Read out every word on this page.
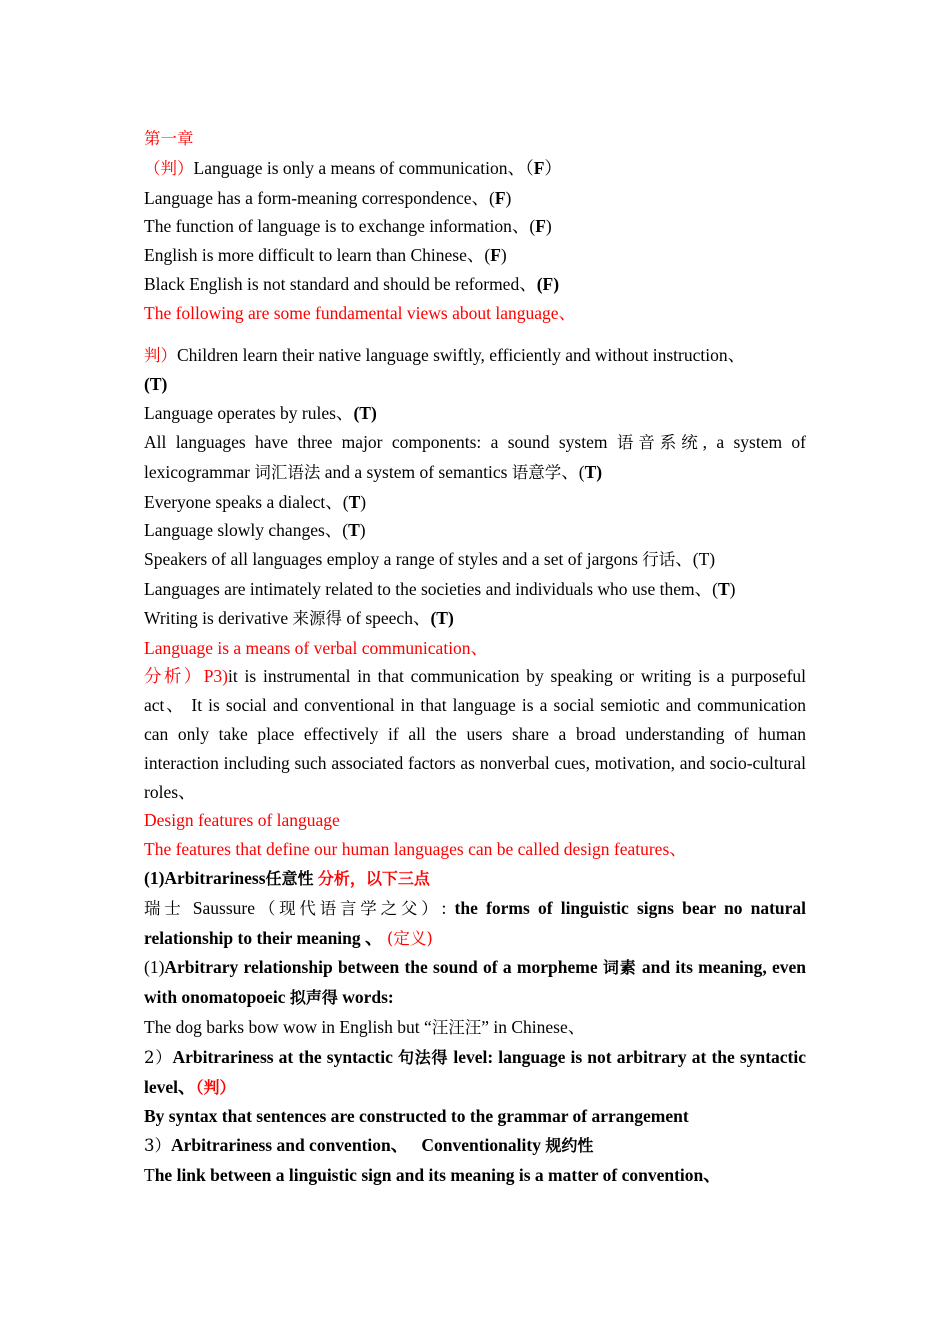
第一章

（判）Language is only a means of communication、（F）

Language has a form-meaning correspondence、(F)

The function of language is to exchange information、(F)

English is more difficult to learn than Chinese、(F)

Black English is not standard and should be reformed、(F)

The following are some fundamental views about language、

判）Children learn their native language swiftly, efficiently and without instruction、
(T)

Language operates by rules、(T)

All languages have three major components: a sound system 语音系统, a system of lexicogrammar 词汇语法 and a system of semantics 语意学、(T)

Everyone speaks a dialect、(T)

Language slowly changes、(T)

Speakers of all languages employ a range of styles and a set of jargons 行话、(T)

Languages are intimately related to the societies and individuals who use them、(T)

Writing is derivative 来源得 of speech、(T)

Language is a means of verbal communication、

分析）P3)it is instrumental in that communication by speaking or writing is a purposeful act、 It is social and conventional in that language is a social semiotic and communication can only take place effectively if all the users share a broad understanding of human interaction including such associated factors as nonverbal cues, motivation, and socio-cultural roles、

Design features of language

The features that define our human languages can be called design features、

(1)Arbitrariness任意性 分析，以下三点

瑞士 Saussure（现代语言学之父）: the forms of linguistic signs bear no natural relationship to their meaning 、 (定义)

(1)Arbitrary relationship between the sound of a morpheme 词素 and its meaning, even with onomatopoeic 拟声得 words:

The dog barks bow wow in English but “汪汪汪” in Chinese、

2）Arbitrariness at the syntactic 句法得 level: language is not arbitrary at the syntactic level、（判）

By syntax that sentences are constructed to the grammar of arrangement

3）Arbitrariness and convention、   Conventionality 规约性

The link between a linguistic sign and its meaning is a matter of convention、
